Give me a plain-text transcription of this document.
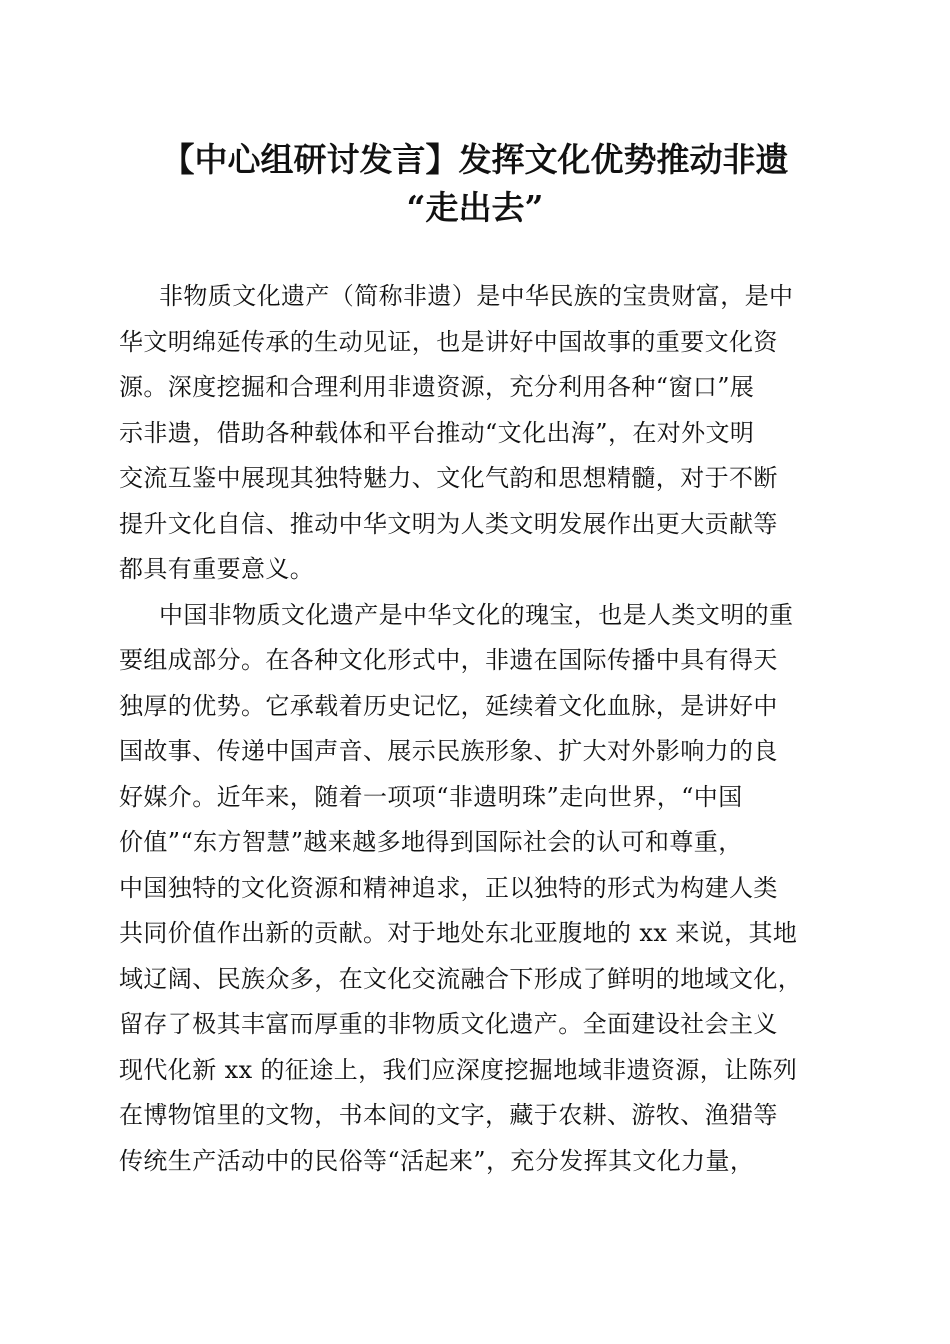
【中心组研讨发言】发挥文化优势推动非遗
“走出去”
非物质文化遗产（简称非遗）是中华民族的宝贵财富，是中
华文明绵延传承的生动见证，也是讲好中国故事的重要文化资
源。深度挖掘和合理利用非遗资源，充分利用各种“窗口”展
示非遗，借助各种载体和平台推动“文化出海”，在对外文明
交流互鉴中展现其独特魅力、文化气韵和思想精髓，对于不断
提升文化自信、推动中华文明为人类文明发展作出更大贡献等
都具有重要意义。
中国非物质文化遗产是中华文化的瑰宝，也是人类文明的重
要组成部分。在各种文化形式中，非遗在国际传播中具有得天
独厚的优势。它承载着历史记忆，延续着文化血脉，是讲好中
国故事、传递中国声音、展示民族形象、扩大对外影响力的良
好媒介。近年来，随着一项项“非遗明珠”走向世界，“中国
价值”“东方智慧”越来越多地得到国际社会的认可和尊重，
中国独特的文化资源和精神追求，正以独特的形式为构建人类
共同价值作出新的贡献。对于地处东北亚腹地的 xx 来说，其地
域辽阔、民族众多，在文化交流融合下形成了鲜明的地域文化，
留存了极其丰富而厚重的非物质文化遗产。全面建设社会主义
现代化新 xx 的征途上，我们应深度挖掘地域非遗资源，让陈列
在博物馆里的文物，书本间的文字，藏于农耕、游牧、渔猎等
传统生产活动中的民俗等“活起来”，充分发挥其文化力量，
